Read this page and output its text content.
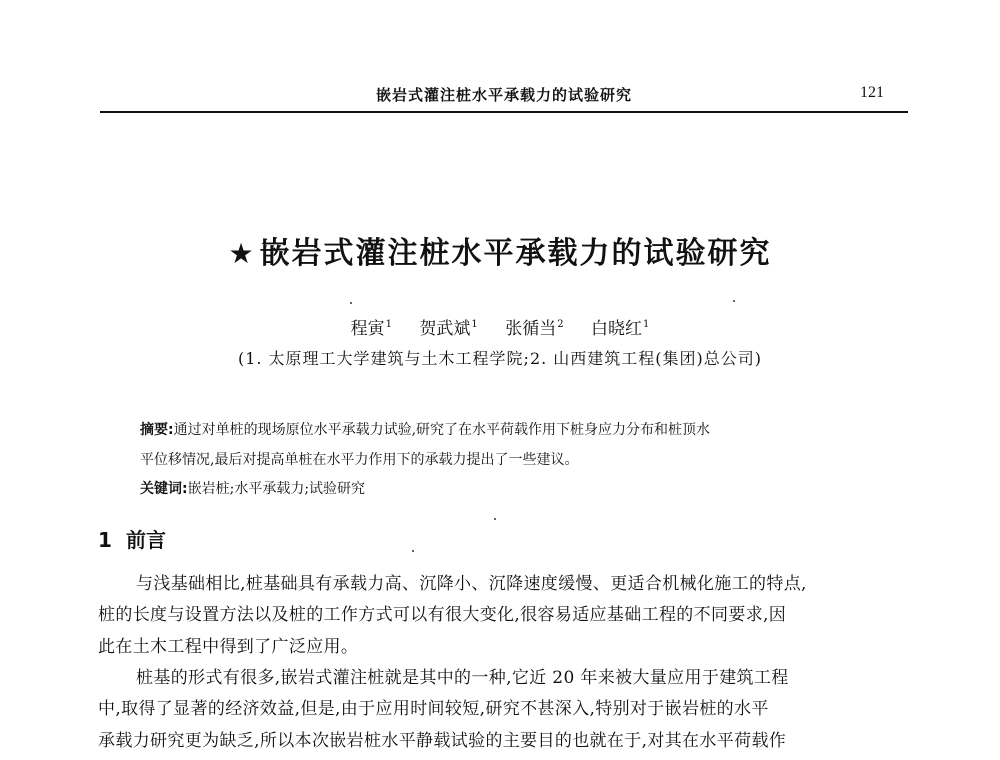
嵌岩式灌注桩水平承载力的试验研究	121
★ 嵌岩式灌注桩水平承载力的试验研究
程寅$^1$ 贺武斌$^1$ 张循当$^2$ 白晓红$^1$
(1. 太原理工大学建筑与土木工程学院;2. 山西建筑工程(集团)总公司)
摘要:通过对单桩的现场原位水平承载力试验,研究了在水平荷载作用下桩身应力分布和桩顶水
平位移情况,最后对提高单桩在水平力作用下的承载力提出了一些建议。
关键词:嵌岩桩;水平承载力;试验研究
1 前言
与浅基础相比,桩基础具有承载力高、沉降小、沉降速度缓慢、更适合机械化施工的特点,
桩的长度与设置方法以及桩的工作方式可以有很大变化,很容易适应基础工程的不同要求,因
此在土木工程中得到了广泛应用。
桩基的形式有很多,嵌岩式灌注桩就是其中的一种,它近 20 年来被大量应用于建筑工程
中,取得了显著的经济效益,但是,由于应用时间较短,研究不甚深入,特别对于嵌岩桩的水平
承载力研究更为缺乏,所以本次嵌岩桩水平静载试验的主要目的也就在于,对其在水平荷载作
